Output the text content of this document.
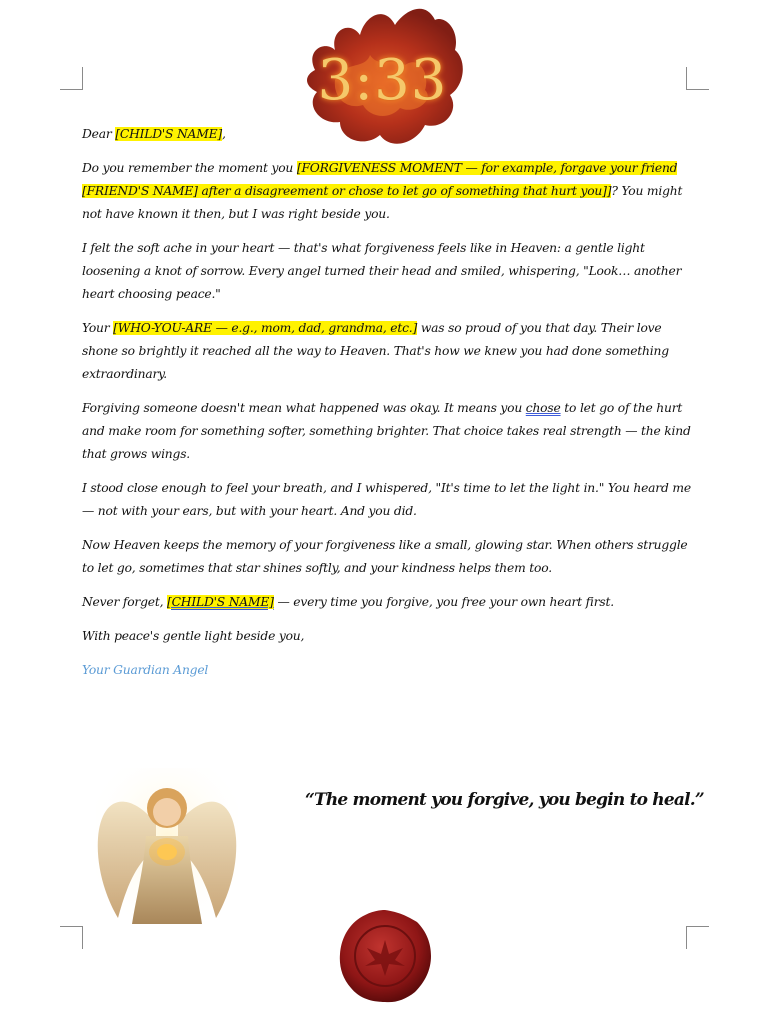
3:33

Dear [CHILD'S NAME],

Do you remember the moment you [FORGIVENESS MOMENT — for example, forgave your friend [FRIEND'S NAME] after a disagreement or chose to let go of something that hurt you]]? You might not have known it then, but I was right beside you.

I felt the soft ache in your heart — that's what forgiveness feels like in Heaven: a gentle light loosening a knot of sorrow. Every angel turned their head and smiled, whispering, "Look… another heart choosing peace."

Your [WHO-YOU-ARE — e.g., mom, dad, grandma, etc.] was so proud of you that day. Their love shone so brightly it reached all the way to Heaven. That's how we knew you had done something extraordinary.

Forgiving someone doesn't mean what happened was okay. It means you chose to let go of the hurt and make room for something softer, something brighter. That choice takes real strength — the kind that grows wings.

I stood close enough to feel your breath, and I whispered, "It's time to let the light in." You heard me — not with your ears, but with your heart. And you did.

Now Heaven keeps the memory of your forgiveness like a small, glowing star. When others struggle to let go, sometimes that star shines softly, and your kindness helps them too.

Never forget, [CHILD'S NAME] — every time you forgive, you free your own heart first.

With peace's gentle light beside you,

Your Guardian Angel

“The moment you forgive, you begin to heal.”
